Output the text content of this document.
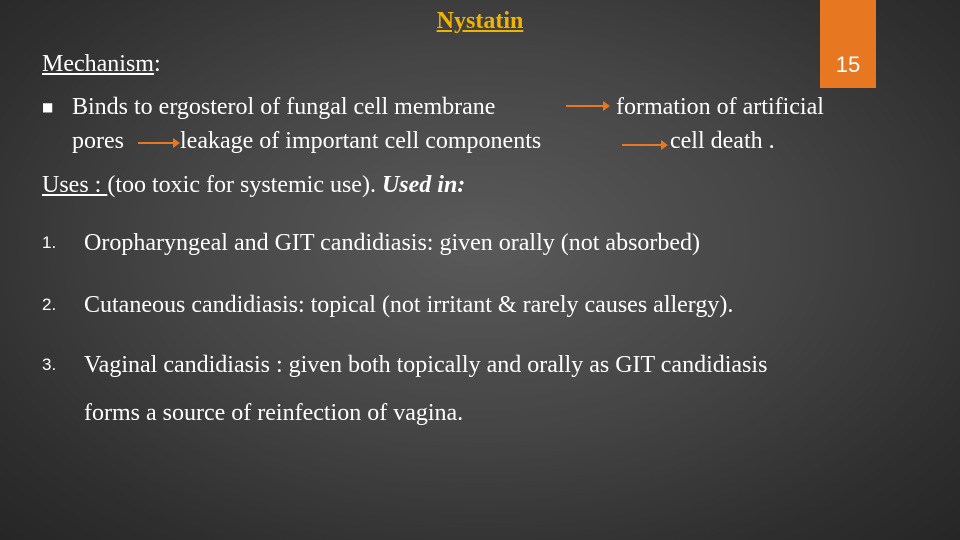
Nystatin
15
Mechanism:
■ Binds to ergosterol of fungal cell membrane	formation of artificial
pores leakage of important cell components	cell death .
Uses : (too toxic for systemic use). Used in:
1. Oropharyngeal and GIT candidiasis: given orally (not absorbed)
2. Cutaneous candidiasis: topical (not irritant & rarely causes allergy).
3. Vaginal candidiasis : given both topically and orally as GIT candidiasis
forms a source of reinfection of vagina.
